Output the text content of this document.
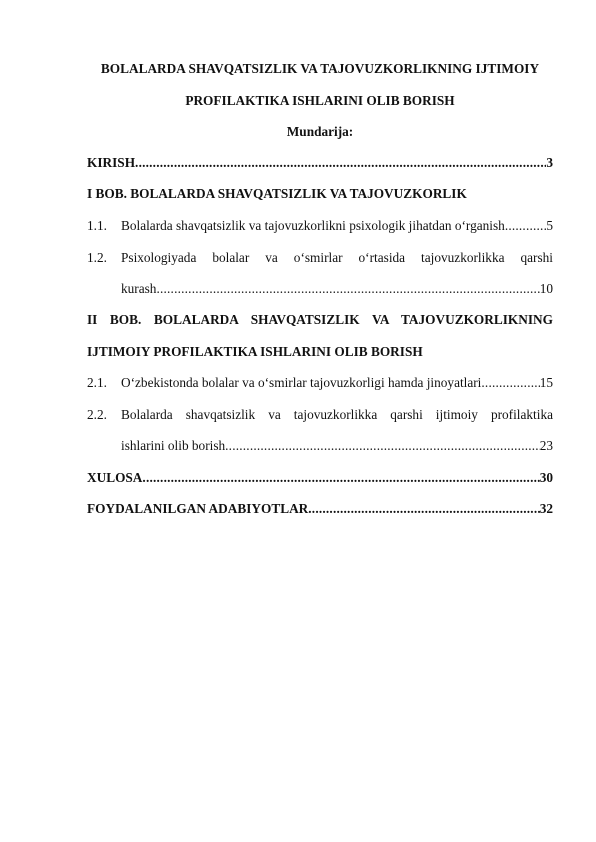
BOLALARDA SHAVQATSIZLIK VA TAJOVUZKORLIKNING IJTIMOIY
PROFILAKTIKA ISHLARINI OLIB BORISH
Mundarija:
KIRISH .....	3
I BOB. BOLALARDA SHAVQATSIZLIK VA TAJOVUZKORLIK
1.1. Bolalarda shavqatsizlik va tajovuzkorlikni psixologik jihatdan o‘rganish .....	5
1.2. Psixologiyada bolalar va o‘smirlar o‘rtasida tajovuzkorlikka qarshi
kurash .....	10
II BOB. BOLALARDA SHAVQATSIZLIK VA TAJOVUZKORLIKNING
IJTIMOIY PROFILAKTIKA ISHLARINI OLIB BORISH
2.1. O‘zbekistonda bolalar va o‘smirlar tajovuzkorligi hamda jinoyatlari .....	15
2.2. Bolalarda shavqatsizlik va tajovuzkorlikka qarshi ijtimoiy profilaktika
ishlarini olib borish .....	23
XULOSA .....	30
FOYDALANILGAN ADABIYOTLAR .....	32
